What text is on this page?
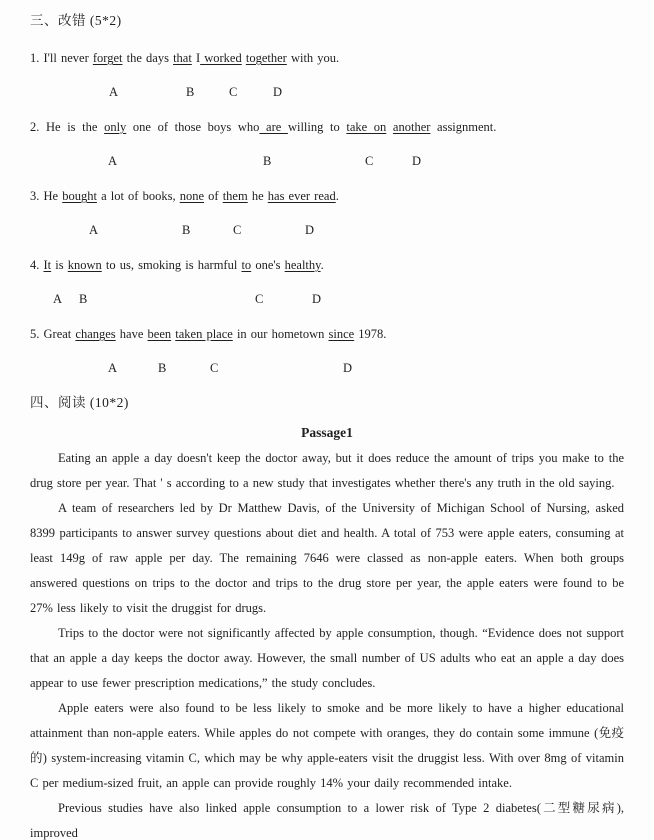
三、改错 (5*2)
1. I'll never forget the days that I worked together with you.
A	B	C	D
2. He is the only one of those boys who are willing to take on another assignment.
A	B	C	D
3. He bought a lot of books, none of them he has ever read.
A	B	C	D
4. It is known to us, smoking is harmful to one's healthy.
A B	C	D
5. Great changes have been taken place in our hometown since 1978.
A	B	C	D
四、阅读 (10*2)
Passage1

Eating an apple a day doesn't keep the doctor away, but it does reduce the amount of trips you make to the drug store per year. That ' s according to a new study that investigates whether there's any truth in the old saying.

A team of researchers led by Dr Matthew Davis, of the University of Michigan School of Nursing, asked 8399 participants to answer survey questions about diet and health. A total of 753 were apple eaters, consuming at least 149g of raw apple per day. The remaining 7646 were classed as non-apple eaters. When both groups answered questions on trips to the doctor and trips to the drug store per year, the apple eaters were found to be 27% less likely to visit the druggist for drugs.

Trips to the doctor were not significantly affected by apple consumption, though. “Evidence does not support that an apple a day keeps the doctor away. However, the small number of US adults who eat an apple a day does appear to use fewer prescription medications,” the study concludes.

Apple eaters were also found to be less likely to smoke and be more likely to have a higher educational attainment than non-apple eaters. While apples do not compete with oranges, they do contain some immune (免疫的) system-increasing vitamin C, which may be why apple-eaters visit the druggist less. With over 8mg of vitamin C per medium-sized fruit, an apple can provide roughly 14% your daily recommended intake.

Previous studies have also linked apple consumption to a lower risk of Type 2 diabetes(二型糖尿病), improved
